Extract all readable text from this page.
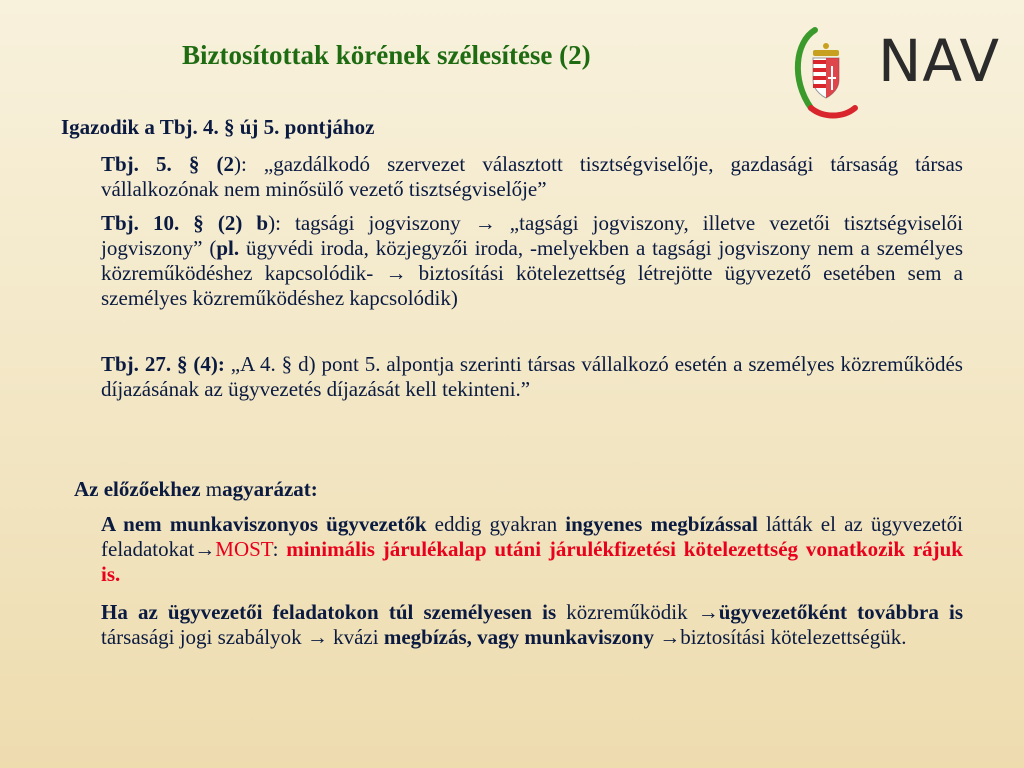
Biztosítottak körének szélesítése (2)	NAV
Igazodik a Tbj. 4. § új 5. pontjához
Tbj. 5. § (2): „gazdálkodó szervezet választott tisztségviselője, gazdasági társaság társas vállalkozónak nem minősülő vezető tisztségviselője”
Tbj. 10. § (2) b): tagsági jogviszony → „tagsági jogviszony, illetve vezetői tisztségviselői jogviszony” (pl. ügyvédi iroda, közjegyzői iroda, -melyekben a tagsági jogviszony nem a személyes közreműködéshez kapcsolódik- → biztosítási kötelezettség létrejötte ügyvezető esetében sem a személyes közreműködéshez kapcsolódik)
Tbj. 27. § (4): „A 4. § d) pont 5. alpontja szerinti társas vállalkozó esetén a személyes közreműködés díjazásának az ügyvezetés díjazását kell tekinteni.”
Az előzőekhez magyarázat:
A nem munkaviszonyos ügyvezetők eddig gyakran ingyenes megbízással látták el az ügyvezetői feladatokat→MOST: minimális járulékalap utáni járulékfizetési kötelezettség vonatkozik rájuk is.
Ha az ügyvezetői feladatokon túl személyesen is közreműködik →ügyvezetőként továbbra is társasági jogi szabályok → kvázi megbízás, vagy munkaviszony →biztosítási kötelezettségük.
